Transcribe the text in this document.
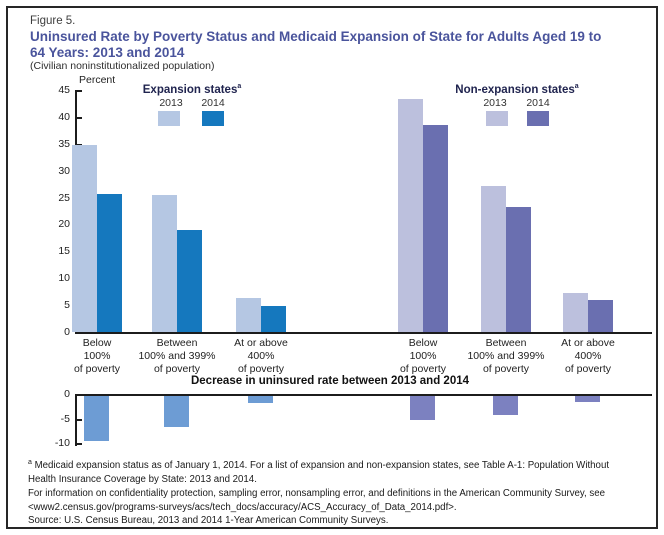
Figure 5.
Uninsured Rate by Poverty Status and Medicaid Expansion of State for Adults Aged 19 to 64 Years: 2013 and 2014
(Civilian noninstitutionalized population)
Percent
Expansion states$^a$
2013	2014
Non-expansion states$^a$
2013	2014
45
40
35
30
25
20
15
10
5
0
Below
100%
of poverty
Between
100% and 399%
of poverty
At or above
400%
of poverty
Below
100%
of poverty
Between
100% and 399%
of poverty
At or above
400%
of poverty
Decrease in uninsured rate between 2013 and 2014
0
-5
-10

$^a$ Medicaid expansion status as of January 1, 2014. For a list of expansion and non-expansion states, see Table A-1: Population Without Health Insurance Coverage by State: 2013 and 2014.

For information on confidentiality protection, sampling error, nonsampling error, and definitions in the American Community Survey, see <www2.census.gov/programs-surveys/acs/tech_docs/accuracy/ACS_Accuracy_of_Data_2014.pdf>.

Source: U.S. Census Bureau, 2013 and 2014 1-Year American Community Surveys.
